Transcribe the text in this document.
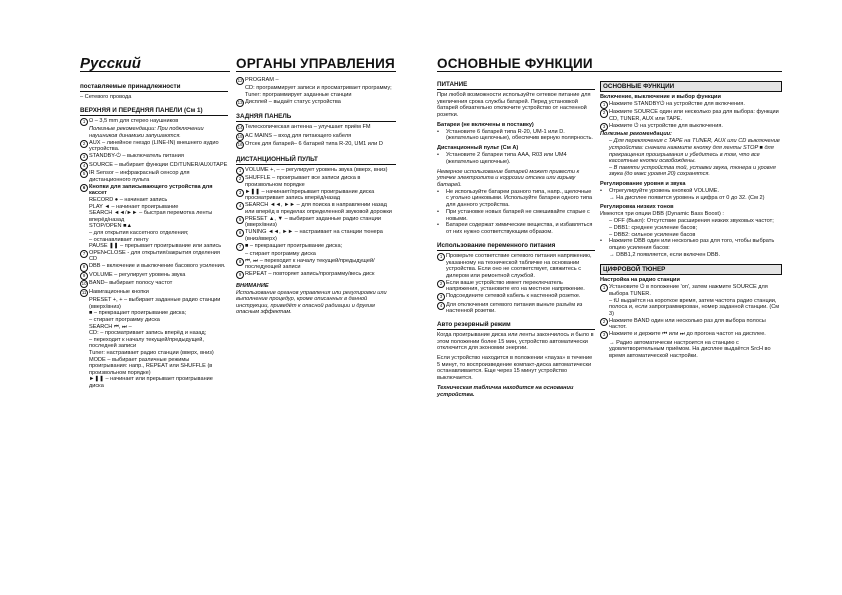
Русский	ОРГАНЫ УПРАВЛЕНИЯ	ОСНОВНЫЕ ФУНКЦИИ
поставляемые принадлежности
– Сетевого провода
ВЕРХНЯЯ И ПЕРЕДНЯЯ ПАНЕЛИ (См 1)
1 Ω – 3,5 mm для стерео наушников
Полезные рекомендации: При подключении наушников динамики запушаются.
2 AUX – линейное гнездо (LINE-IN) внешнего аудио устройства.
3 STANDBY-⏻ – выключатель питания
4 SOURCE – выбирает функции CD/TUNER/AUX/TAPE
5 IR Sensor – инфракрасный сенсор для дистанционного пульта
6 Кнопки для записывающего устройства для кассет
RECORD ● – начинает запись
PLAY ◄ – начинает проигрывание
SEARCH ◄◄/►► – быстрая перемотка ленты вперёд/назад
STOP/OPEN ■▲
– для открытия кассетного отделения;
– останавливает ленту
PAUSE ❚❚ – прерывает проигрывание или запись
7 OPEN•CLOSE - для открытия/закрытия отделения CD
8 DBB – включение и выключение басового усиления.
9 VOLUME – регулирует уровень звука
10 BAND– выбирает полосу частот
11 Навигационные кнопки
PRESET +, + – выбирает заданные радио станции (вверх/вниз)
■ – прекращает проигрывание диска;
– стирает программу диска
SEARCH ⏮, ⏭ –
CD: – просматривает запись вперёд и назад;
– переходит к началу текущей/предыдущей, последней записи
Tuner: настраивает радио станции (вверх, вниз)
MODE – выбирает различные режимы проигрывания: напр., REPEAT или SHUFFLE (в произвольном порядке)
►❚❚ – начинает или прерывает проигрывание диска
12 PROGRAM –
CD: программирует записи и просматривает программу;
Tuner: программирует заданные станции
13 Дисплей – выдаёт статус устройства
ЗАДНЯЯ ПАНЕЛЬ
14 Телескопическая антенна – улучшает приём FM
15 AC MAINS – вход для питающего кабеля
16 Отсек для батарей– 6 батарей типа R-20, UM1 или D
ДИСТАНЦИОННЫЙ ПУЛЬТ
1 VOLUME +, – – регулирует уровень звука (вверх, вниз)
2 SHUFFLE – проигрывает все записи диска в произвольном порядке
3 ►❚❚ – начинает/прерывает проигрывание диска просматривает запись вперёд/назад
4 SEARCH ◄◄, ►► – для поиска в направлении назад или вперёд в пределах определенной звуковой дорожки
5 PRESET ▲, ▼ – выбирает заданные радио станции (вверх/вниз)
6 TUNING ◄◄, ►► – настраивает на станции тюнера (вниз/вверх)
7 ■ – прекращает проигрывание диска;
– стирает программу диска
8 ⏮, ⏭ – переходит к началу текущей/предыдущей/ последующей записи
9 REPEAT – повторяет запись/программу/весь диск
ВНИМАНИЕ
Использование органов управления или регулировки или выполнение процедур, кроме описанных в данной инструкции, приведёт к опасной радиации и другим опасным эффектам.
ПИТАНИЕ
При любой возможности используйте сетевое питание для увеличения срока службы батарей. Перед установкой батарей обязательно отключите устройство от настенной розетки.
Батареи (не включены в поставку)
•	Установите 6 батарей типа R-20, UM-1 или D. (желательно щелочные), обеспечив верную полярность.
Дистанционный пульт (См A)
•	Установите 2 батареи типа AAA, R03 или UM4 (желательно щелочные).
Неверное использование батарей может привести к утечке электролита и коррозии отсека или взрыву батарей.
•	Не используйте батареи разного типа, напр., щелочные с угольно цинковыми. Используйте батареи одного типа для данного устройства.
•	При установке новых батарей не смешивайте старые с новыми.
•	Батареи содержат химические вещества, и избавляться от них нужно соответствующим образом.
Использование переменного питания
1 Проверьте соответствие сетевого питания напряжению, указанному на технической табличке на основании устройства. Если оно не соответствует, свяжитесь с дилером или ремонтной службой.
2 Если ваше устройство имеет переключатель напряжения, установите его на местное напряжение.
3 Подсоедините сетевой кабель к настенной розетке.
4 Для отключения сетевого питания выньте разъём из настенной розетки.
Авто резервный режим
Когда проигрывание диска или ленты закончилось и было в этом положении более 15 мин, устройство автоматически отключится для экономии энергии.
Если устройство находится в положении «пауза» в течение 5 минут, то воспроизведение компакт-диска автоматически останавливается. Еще через 15 минут устройство выключается.
Техническая табличка находится на основании устройства.
ОСНОВНЫЕ ФУНКЦИИ
Включение, выключение и выбор функции
1 Нажмите STANDBY⏻ на устройстве для включения.
2 Нажмите SOURCE один или несколько раз для выбора: функции CD, TUNER, AUX или TAPE.
3 Нажмите ⏻ на устройстве для выключения.
Полезные рекомендации:
– Для переключения с TAPE на TUNER, AUX или CD выключение устройства: сначала нажмите кнопку для ленты STOP ■ для прекращения проигрывания и убедитесь в том, что все кассетные кнопки освобождены.
– В памяти устройства той, уставки звука, тюнера и уровня звука (до макс уровня 20) сохранятся.
Регулирование уровня и звука
•	Отрегулируйте уровень кнопкой VOLUME.
→ На дисплее появится уровень и цифра от 0 до 32. (См 2)
Регулировка низких тонов
Имеются три опции DBB (Dynamic Bass Boost) :
– OFF (Выкл): Отсутствие расширения низких звуковых частот;
– DBB1: среднее усиление басов;
– DBB2: сильное усиление басов
•	Нажмите DBB один или несколько раз для того, чтобы выбрать опцию усиления басов:
→ DBB1,2 появляется, если включен DBB.
ЦИФРОВОЙ ТЮНЕР
Настройка на радио станции
1 Установите ⏻ в положение 'on', затем нажмите SOURCE для выбора TUNER.
– tU выдаётся на короткое время, затем частота радио станции, полоса и, если запрограммирован, номер заданной станции. (См 3)
2 Нажмите BAND один или несколько раз для выбора полосы частот.
3 Нажмите и держите ⏮ или ⏭ до прогона частот на дисплее.
→ Радио автоматически настроится на станцию с удовлетворительным приёмом. На дисплее выдаётся SrcH во время автоматической настройки.
